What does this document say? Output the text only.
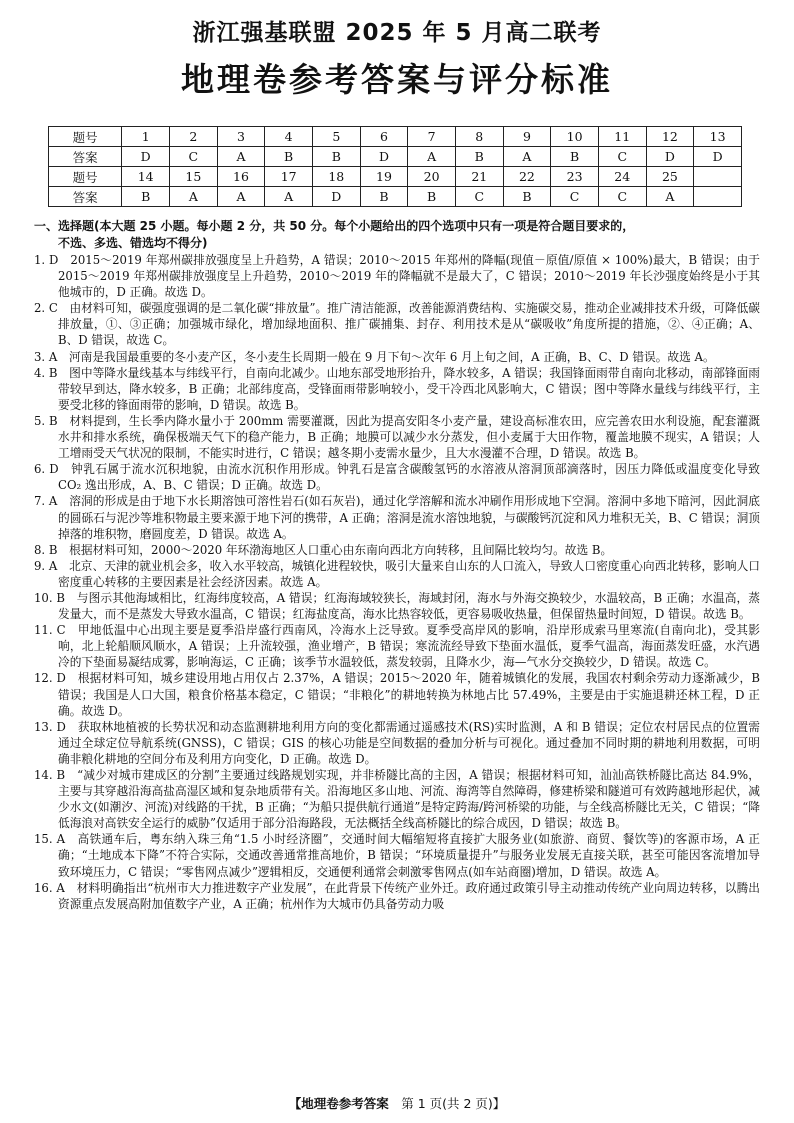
浙江强基联盟 2025 年 5 月高二联考
地理卷参考答案与评分标准
题号	1	2	3	4	5	6	7	8	9	10	11	12	13
答案	D	C	A	B	B	D	A	B	A	B	C	D	D
题号	14	15	16	17	18	19	20	21	22	23	24	25	
答案	B	A	A	A	D	B	B	C	B	C	C	A	
一、选择题(本大题 25 小题。每小题 2 分，共 50 分。每个小题给出的四个选项中只有一项是符合题目要求的，
不选、多选、错选均不得分)

1. D　2015～2019 年郑州碳排放强度呈上升趋势，A 错误；2010～2015 年郑州的降幅(现值－原值/原值 × 100%)最大，B 错误；由于 2015～2019 年郑州碳排放强度呈上升趋势，2010～2019 年的降幅就不是最大了，C 错误；2010～2019 年长沙强度始终是小于其他城市的，D 正确。故选 D。

2. C　由材料可知，碳强度强调的是二氧化碳“排放量”。推广清洁能源，改善能源消费结构、实施碳交易，推动企业减排技术升级，可降低碳排放量，①、③正确；加强城市绿化，增加绿地面积、推广碳捕集、封存、利用技术是从“碳吸收”角度所提的措施，②、④正确；A、B、D 错误，故选 C。

3. A　河南是我国最重要的冬小麦产区，冬小麦生长周期一般在 9 月下旬～次年 6 月上旬之间，A 正确，B、C、D 错误。故选 A。

4. B　图中等降水量线基本与纬线平行，自南向北减少。山地东部受地形抬升，降水较多，A 错误；我国锋面雨带自南向北移动，南部锋面雨带较早到达，降水较多，B 正确；北部纬度高，受锋面雨带影响较小，受干冷西北风影响大，C 错误；图中等降水量线与纬线平行，主要受北移的锋面雨带的影响，D 错误。故选 B。

5. B　材料提到，生长季内降水量小于 200mm 需要灌溉，因此为提高安阳冬小麦产量，建设高标准农田，应完善农田水利设施，配套灌溉水井和排水系统，确保极端天气下的稳产能力，B 正确；地膜可以减少水分蒸发，但小麦属于大田作物，覆盖地膜不现实，A 错误；人工增雨受天气状况的限制，不能实时进行，C 错误；越冬期小麦需水量少，且大水漫灌不合理，D 错误。故选 B。

6. D　钟乳石属于流水沉积地貌，由流水沉积作用形成。钟乳石是富含碳酸氢钙的水溶液从溶洞顶部滴落时，因压力降低或温度变化导致 CO₂ 逸出形成，A、B、C 错误；D 正确。故选 D。

7. A　溶洞的形成是由于地下水长期溶蚀可溶性岩石(如石灰岩)，通过化学溶解和流水冲刷作用形成地下空洞。溶洞中多地下暗河，因此洞底的圆砾石与泥沙等堆积物最主要来源于地下河的携带，A 正确；溶洞是流水溶蚀地貌，与碳酸钙沉淀和风力堆积无关，B、C 错误；洞顶掉落的堆积物，磨圆度差，D 错误。故选 A。

8. B　根据材料可知，2000～2020 年环渤海地区人口重心由东南向西北方向转移，且间隔比较均匀。故选 B。

9. A　北京、天津的就业机会多，收入水平较高，城镇化进程较快，吸引大量来自山东的人口流入，导致人口密度重心向西北转移，影响人口密度重心转移的主要因素是社会经济因素。故选 A。

10. B　与图示其他海域相比，红海纬度较高，A 错误；红海海域较狭长，海域封闭，海水与外海交换较少，水温较高，B 正确；水温高，蒸发量大，而不是蒸发大导致水温高，C 错误；红海盐度高，海水比热容较低，更容易吸收热量，但保留热量时间短，D 错误。故选 B。

11. C　甲地低温中心出现主要是夏季沿岸盛行西南风，冷海水上泛导致。夏季受高岸风的影响，沿岸形成索马里寒流(自南向北)，受其影响，北上轮船顺风顺水，A 错误；上升流较强，渔业增产，B 错误；寒流流经导致下垫面水温低，夏季气温高，海面蒸发旺盛，水汽遇冷的下垫面易凝结成雾，影响海运，C 正确；该季节水温较低，蒸发较弱，且降水少，海—气水分交换较少，D 错误。故选 C。

12. D　根据材料可知，城乡建设用地占用仅占 2.37%，A 错误；2015～2020 年，随着城镇化的发展，我国农村剩余劳动力逐渐减少，B 错误；我国是人口大国，粮食价格基本稳定，C 错误；“非粮化”的耕地转换为林地占比 57.49%，主要是由于实施退耕还林工程，D 正确。故选 D。

13. D　获取林地植被的长势状况和动态监测耕地利用方向的变化都需通过遥感技术(RS)实时监测，A 和 B 错误；定位农村居民点的位置需通过全球定位导航系统(GNSS)，C 错误；GIS 的核心功能是空间数据的叠加分析与可视化。通过叠加不同时期的耕地利用数据，可明确非粮化耕地的空间分布及利用方向变化，D 正确。故选 D。

14. B　“减少对城市建成区的分割”主要通过线路规划实现，并非桥隧比高的主因，A 错误；根据材料可知，汕汕高铁桥隧比高达 84.9%，主要与其穿越沿海高盐高湿区域和复杂地质带有关。沿海地区多山地、河流、海湾等自然障碍，修建桥梁和隧道可有效跨越地形起伏，减少水文(如潮汐、河流)对线路的干扰，B 正确；“为船只提供航行通道”是特定跨海/跨河桥梁的功能，与全线高桥隧比无关，C 错误；“降低海浪对高铁安全运行的威胁”仅适用于部分沿海路段，无法概括全线高桥隧比的综合成因，D 错误；故选 B。

15. A　高铁通车后，粤东纳入珠三角“1.5 小时经济圈”，交通时间大幅缩短将直接扩大服务业(如旅游、商贸、餐饮等)的客源市场，A 正确；“土地成本下降”不符合实际，交通改善通常推高地价，B 错误；“环境质量提升”与服务业发展无直接关联，甚至可能因客流增加导致环境压力，C 错误；“零售网点减少”逻辑相反，交通便利通常会刺激零售网点(如车站商圈)增加，D 错误。故选 A。

16. A　材料明确指出“杭州市大力推进数字产业发展”，在此背景下传统产业外迁。政府通过政策引导主动推动传统产业向周边转移，以腾出资源重点发展高附加值数字产业，A 正确；杭州作为大城市仍具备劳动力吸

【地理卷参考答案　 第 1 页(共 2 页)】
